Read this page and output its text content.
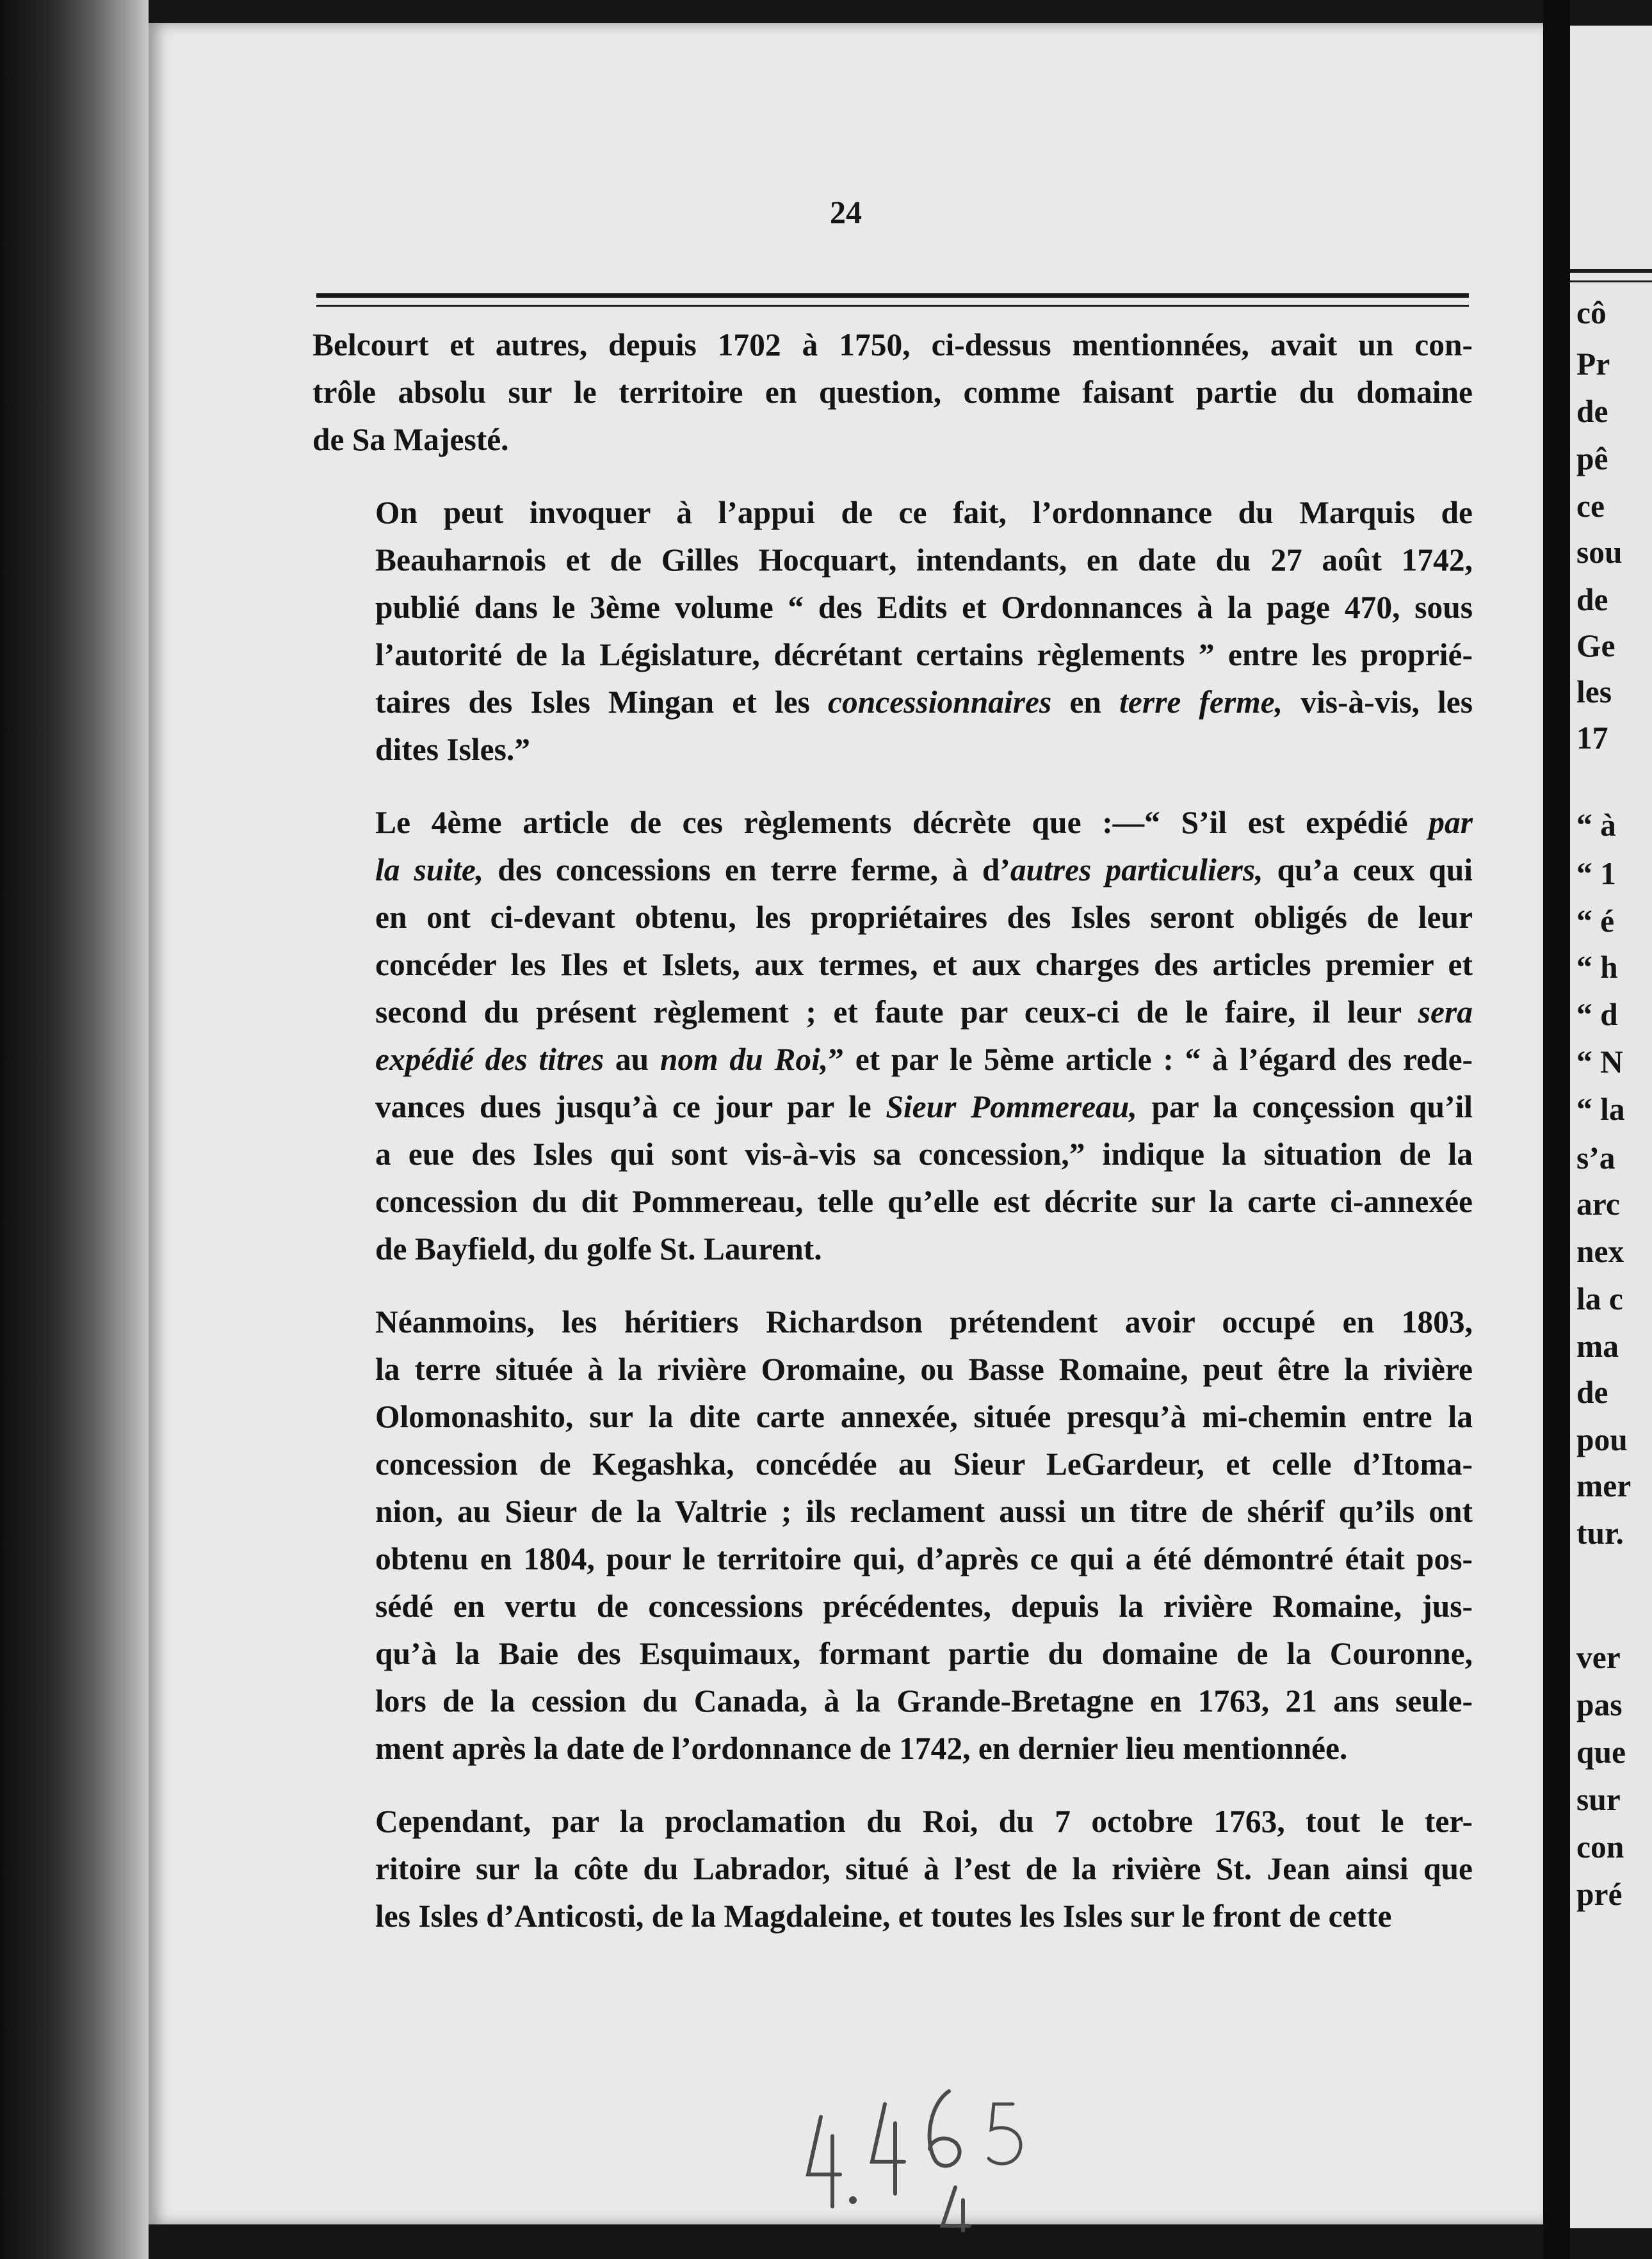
24
Belcourt et autres, depuis 1702 à 1750, ci-dessus mentionnées, avait un con-
trôle absolu sur le territoire en question, comme faisant partie du domaine
de Sa Majesté.
On peut invoquer à l’appui de ce fait, l’ordonnance du Marquis de
Beauharnois et de Gilles Hocquart, intendants, en date du 27 août 1742,
publié dans le 3ème volume “ des Edits et Ordonnances à la page 470, sous
l’autorité de la Législature, décrétant certains règlements ” entre les proprié-
taires des Isles Mingan et les concessionnaires en terre ferme, vis-à-vis, les
dites Isles.”
Le 4ème article de ces règlements décrète que :—“ S’il est expédié par
la suite, des concessions en terre ferme, à d’autres particuliers, qu’a ceux qui
en ont ci-devant obtenu, les propriétaires des Isles seront obligés de leur
concéder les Iles et Islets, aux termes, et aux charges des articles premier et
second du présent règlement ; et faute par ceux-ci de le faire, il leur sera
expédié des titres au nom du Roi,” et par le 5ème article : “ à l’égard des rede-
vances dues jusqu’à ce jour par le Sieur Pommereau, par la conçession qu’il
a eue des Isles qui sont vis-à-vis sa concession,” indique la situation de la
concession du dit Pommereau, telle qu’elle est décrite sur la carte ci-annexée
de Bayfield, du golfe St. Laurent.
Néanmoins, les héritiers Richardson prétendent avoir occupé en 1803,
la terre située à la rivière Oromaine, ou Basse Romaine, peut être la rivière
Olomonashito, sur la dite carte annexée, située presqu’à mi-chemin entre la
concession de Kegashka, concédée au Sieur LeGardeur, et celle d’Itoma-
nion, au Sieur de la Valtrie ; ils reclament aussi un titre de shérif qu’ils ont
obtenu en 1804, pour le territoire qui, d’après ce qui a été démontré était pos-
sédé en vertu de concessions précédentes, depuis la rivière Romaine, jus-
qu’à la Baie des Esquimaux, formant partie du domaine de la Couronne,
lors de la cession du Canada, à la Grande-Bretagne en 1763, 21 ans seule-
ment après la date de l’ordonnance de 1742, en dernier lieu mentionnée.
Cependant, par la proclamation du Roi, du 7 octobre 1763, tout le ter-
ritoire sur la côte du Labrador, situé à l’est de la rivière St. Jean ainsi que
les Isles d’Anticosti, de la Magdaleine, et toutes les Isles sur le front de cette
cô
Pr
de
pê
ce
sou
de
Ge
les
17
“ à
“ 1
“ é
“ h
“ d
“ N
“ la
s’a
arc
nex
la c
ma
de
pou
mer
tur.
ver
pas
que
sur
con
pré
